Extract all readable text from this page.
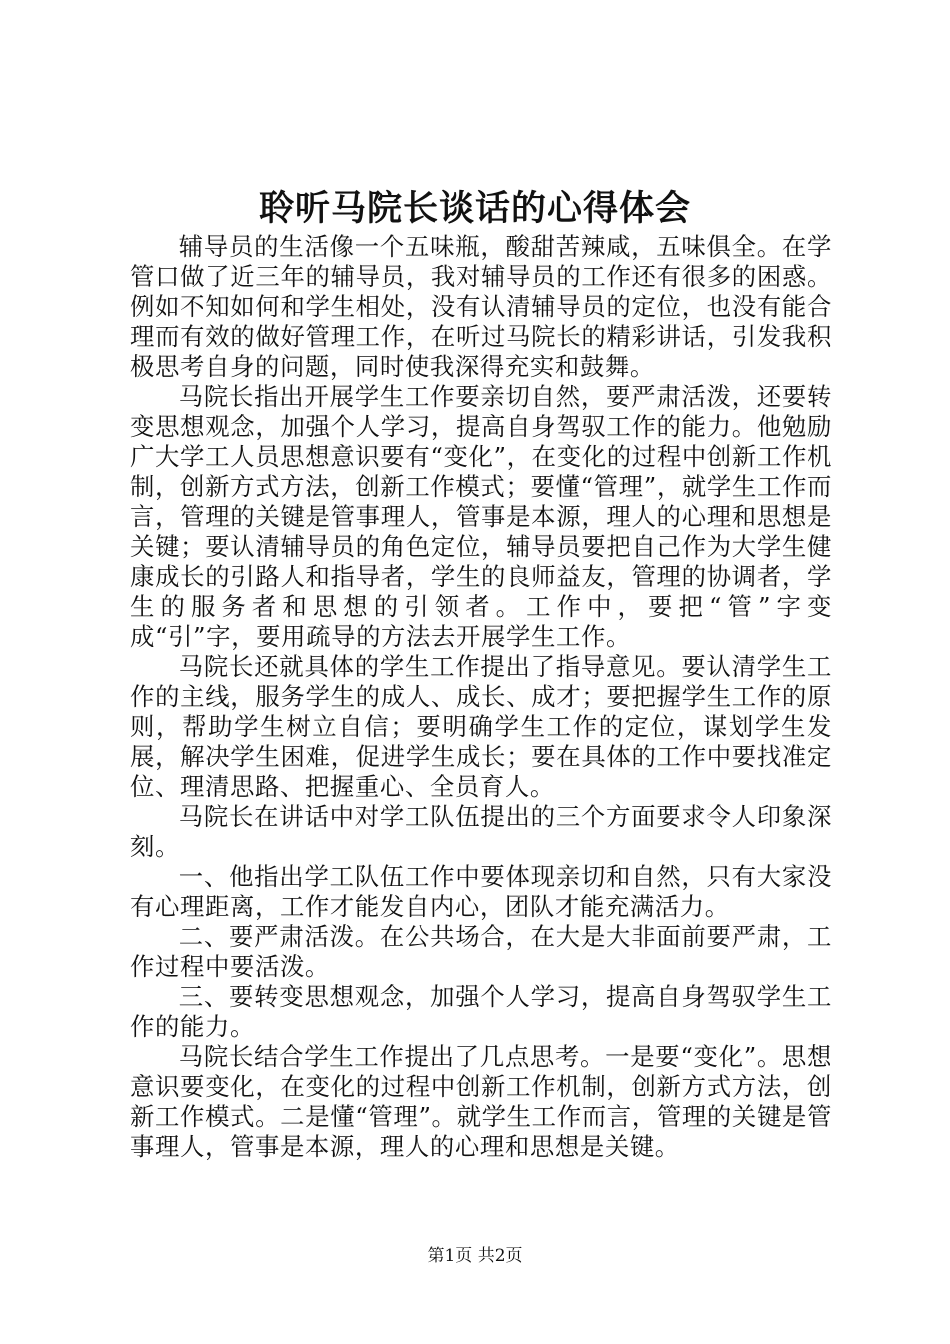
聆听马院长谈话的心得体会

辅导员的生活像一个五味瓶，酸甜苦辣咸，五味俱全。在学管口做了近三年的辅导员，我对辅导员的工作还有很多的困惑。例如不知如何和学生相处，没有认清辅导员的定位，也没有能合理而有效的做好管理工作，在听过马院长的精彩讲话，引发我积极思考自身的问题，同时使我深得充实和鼓舞。

马院长指出开展学生工作要亲切自然，要严肃活泼，还要转变思想观念，加强个人学习，提高自身驾驭工作的能力。他勉励广大学工人员思想意识要有“变化”，在变化的过程中创新工作机制，创新方式方法，创新工作模式；要懂“管理”，就学生工作而言，管理的关键是管事理人，管事是本源，理人的心理和思想是关键；要认清辅导员的角色定位，辅导员要把自己作为大学生健康成长的引路人和指导者，学生的良师益友，管理的协调者，学生的服务者和思想的引领者。工作中，要把“管”字变成“引”字，要用疏导的方法去开展学生工作。

马院长还就具体的学生工作提出了指导意见。要认清学生工作的主线，服务学生的成人、成长、成才；要把握学生工作的原则，帮助学生树立自信；要明确学生工作的定位，谋划学生发展，解决学生困难，促进学生成长；要在具体的工作中要找准定位、理清思路、把握重心、全员育人。

马院长在讲话中对学工队伍提出的三个方面要求令人印象深刻。

一、他指出学工队伍工作中要体现亲切和自然，只有大家没有心理距离，工作才能发自内心，团队才能充满活力。

二、要严肃活泼。在公共场合，在大是大非面前要严肃，工作过程中要活泼。

三、要转变思想观念，加强个人学习，提高自身驾驭学生工作的能力。

马院长结合学生工作提出了几点思考。一是要“变化”。思想意识要变化，在变化的过程中创新工作机制，创新方式方法，创新工作模式。二是懂“管理”。就学生工作而言，管理的关键是管事理人，管事是本源，理人的心理和思想是关键。

第1页 共2页
